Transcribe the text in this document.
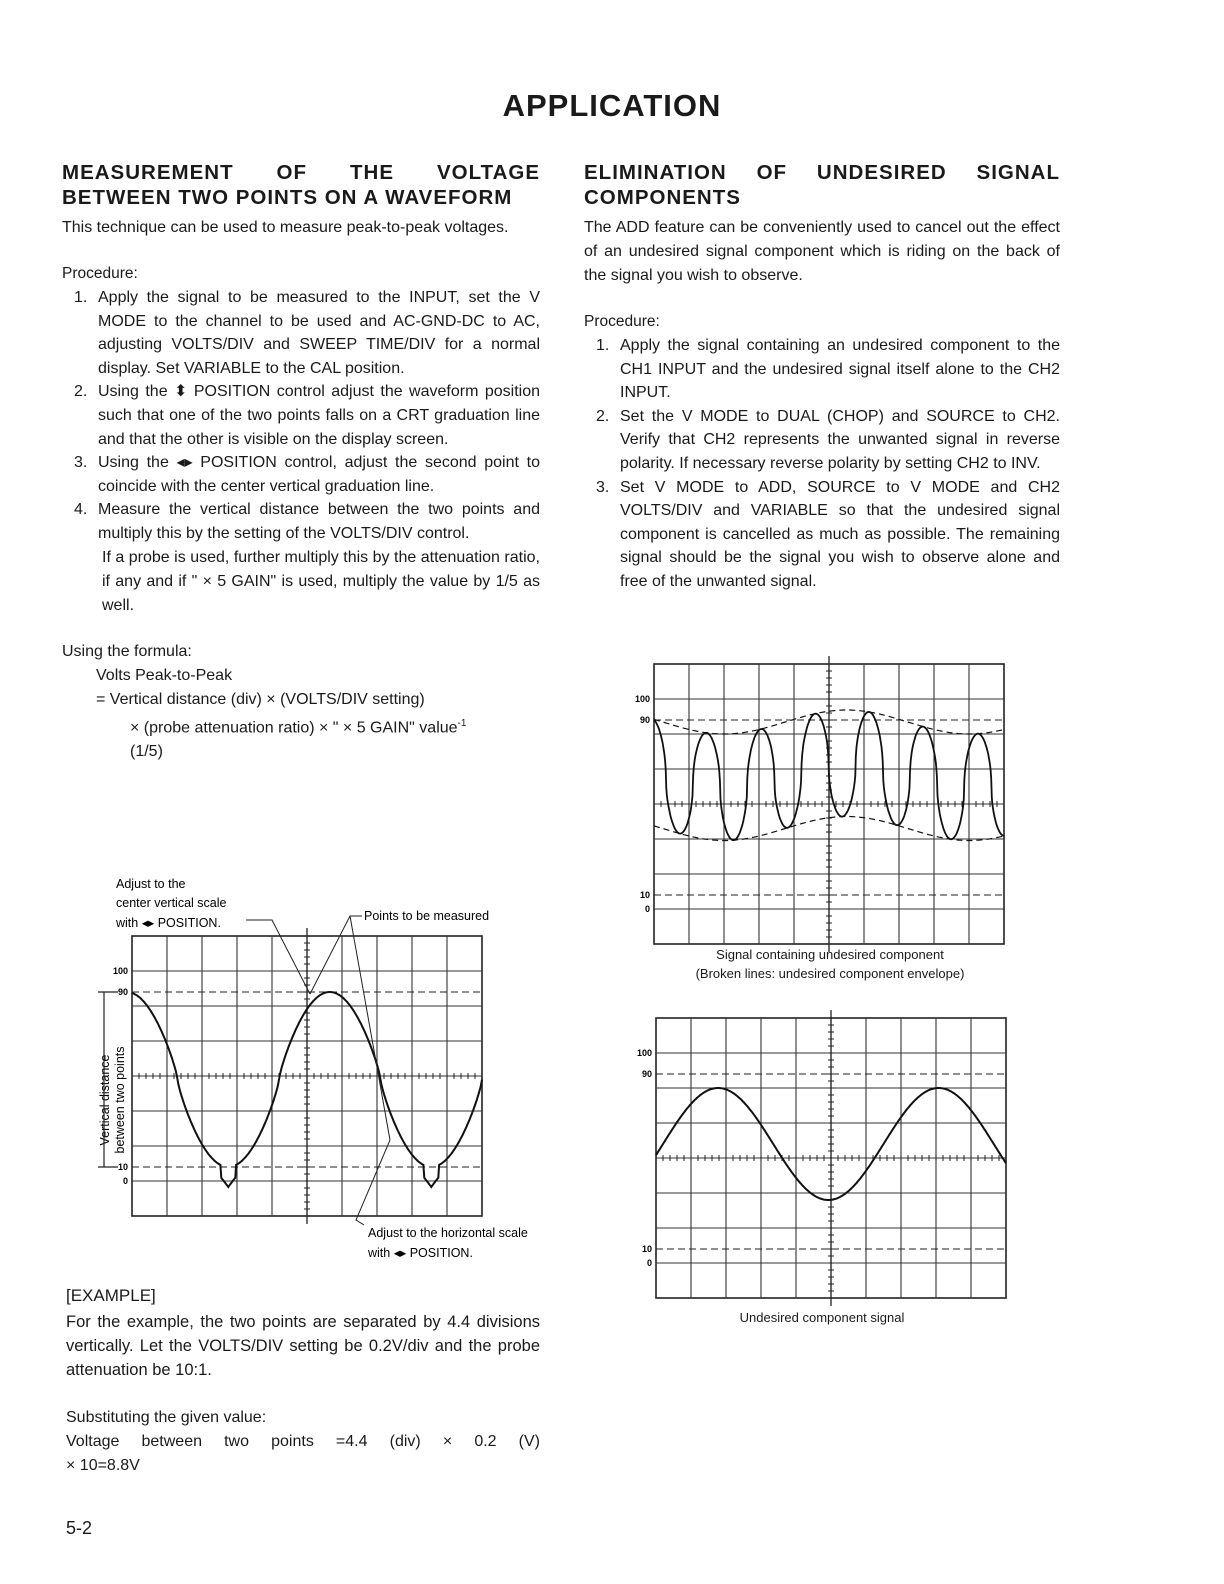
APPLICATION
MEASUREMENT OF THE VOLTAGE
BETWEEN TWO POINTS ON A WAVEFORM

This technique can be used to measure peak-to-peak voltages.

Procedure:

1. Apply the signal to be measured to the INPUT, set the V MODE to the channel to be used and AC-GND-DC to AC, adjusting VOLTS/DIV and SWEEP TIME/DIV for a normal display. Set VARIABLE to the CAL position.
2. Using the ⬍ POSITION control adjust the waveform position such that one of the two points falls on a CRT graduation line and that the other is visible on the display screen.
3. Using the ◂▸ POSITION control, adjust the second point to coincide with the center vertical graduation line.
4. Measure the vertical distance between the two points and multiply this by the setting of the VOLTS/DIV control.

If a probe is used, further multiply this by the attenuation ratio, if any and if " × 5 GAIN" is used, multiply the value by 1/5 as well.

Using the formula:

Volts Peak-to-Peak

= Vertical distance (div) × (VOLTS/DIV setting)

× (probe attenuation ratio) × " × 5 GAIN" value$^{-1}$

(1/5)

Adjust to the
center vertical scale
with ◂▸ POSITION.	Points to be measured
Adjust to the horizontal scale
with ◂▸ POSITION.
Vertical distance between two points
100
90
10
0
[EXAMPLE]

For the example, the two points are separated by 4.4 divisions vertically. Let the VOLTS/DIV setting be 0.2V/div and the probe attenuation be 10:1.

Substituting the given value:

Voltage between two points =4.4 (div) × 0.2 (V)

× 10=8.8V

ELIMINATION OF UNDESIRED SIGNAL
COMPONENTS

The ADD feature can be conveniently used to cancel out the effect of an undesired signal component which is riding on the back of the signal you wish to observe.

Procedure:

1. Apply the signal containing an undesired component to the CH1 INPUT and the undesired signal itself alone to the CH2 INPUT.
2. Set the V MODE to DUAL (CHOP) and SOURCE to CH2. Verify that CH2 represents the unwanted signal in reverse polarity. If necessary reverse polarity by setting CH2 to INV.
3. Set V MODE to ADD, SOURCE to V MODE and CH2 VOLTS/DIV and VARIABLE so that the undesired signal component is cancelled as much as possible. The remaining signal should be the signal you wish to observe alone and free of the unwanted signal.
100
90
10
0
Signal containing undesired component
(Broken lines: undesired component envelope)
100
90
10
0
Undesired component signal
5-2
